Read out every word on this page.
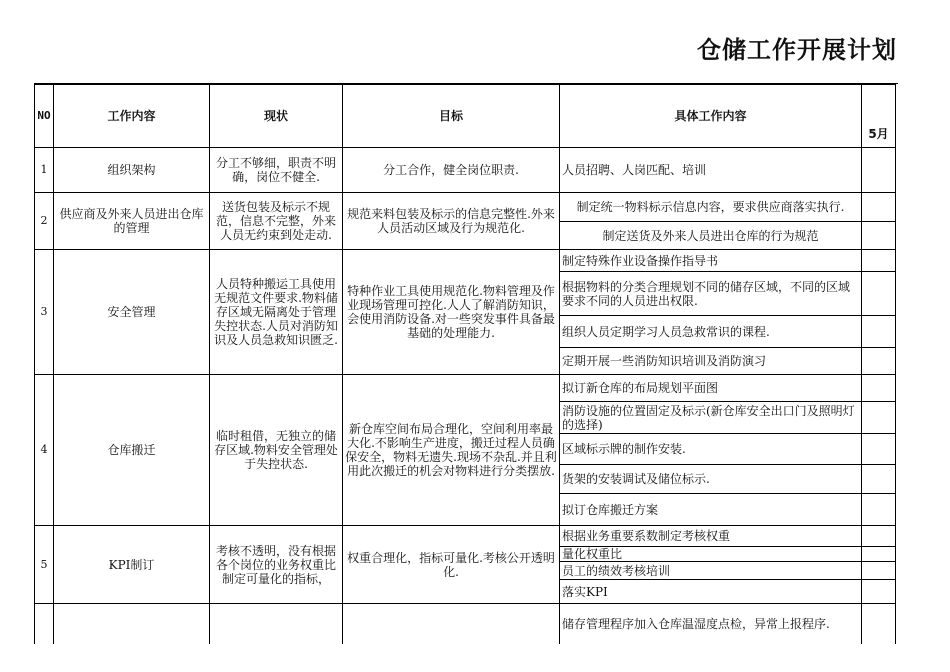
仓储工作开展计划
NO	工作内容	现状	目标	具体工作内容	5月
1	组织架构	分工不够细，职责不明确，岗位不健全.	分工合作，健全岗位职责.	人员招聘、人岗匹配、培训	
2	供应商及外来人员进出仓库的管理	送货包装及标示不规范，信息不完整，外来人员无约束到处走动.	规范来料包装及标示的信息完整性.外来人员活动区域及行为规范化.	制定统一物料标示信息内容，要求供应商落实执行.	
				制定送货及外来人员进出仓库的行为规范	
3	安全管理	人员特种搬运工具使用无规范文件要求.物料储存区域无隔离处于管理失控状态.人员对消防知识及人员急救知识匮乏.	特种作业工具使用规范化.物料管理及作业现场管理可控化.人人了解消防知识，会使用消防设备.对一些突发事件具备最基础的处理能力.	制定特殊作业设备操作指导书	
				根据物料的分类合理规划不同的储存区域，不同的区域要求不同的人员进出权限.	
				组织人员定期学习人员急救常识的课程.	
				定期开展一些消防知识培训及消防演习	
4	仓库搬迁	临时租借，无独立的储存区域.物料安全管理处于失控状态.	新仓库空间布局合理化，空间利用率最大化.不影响生产进度，搬迁过程人员确保安全，物料无遗失.现场不杂乱.并且利用此次搬迁的机会对物料进行分类摆放.	拟订新仓库的布局规划平面图	
				消防设施的位置固定及标示(新仓库安全出口门及照明灯的选择)	
				区域标示牌的制作安装.	
				货架的安装调试及储位标示.	
				拟订仓库搬迁方案	
5	KPI制订	考核不透明，没有根据各个岗位的业务权重比制定可量化的指标，	权重合理化，指标可量化.考核公开透明化.	根据业务重要系数制定考核权重	
				量化权重比	
				员工的绩效考核培训	
				落实KPI	
				储存管理程序加入仓库温湿度点检，异常上报程序.	
